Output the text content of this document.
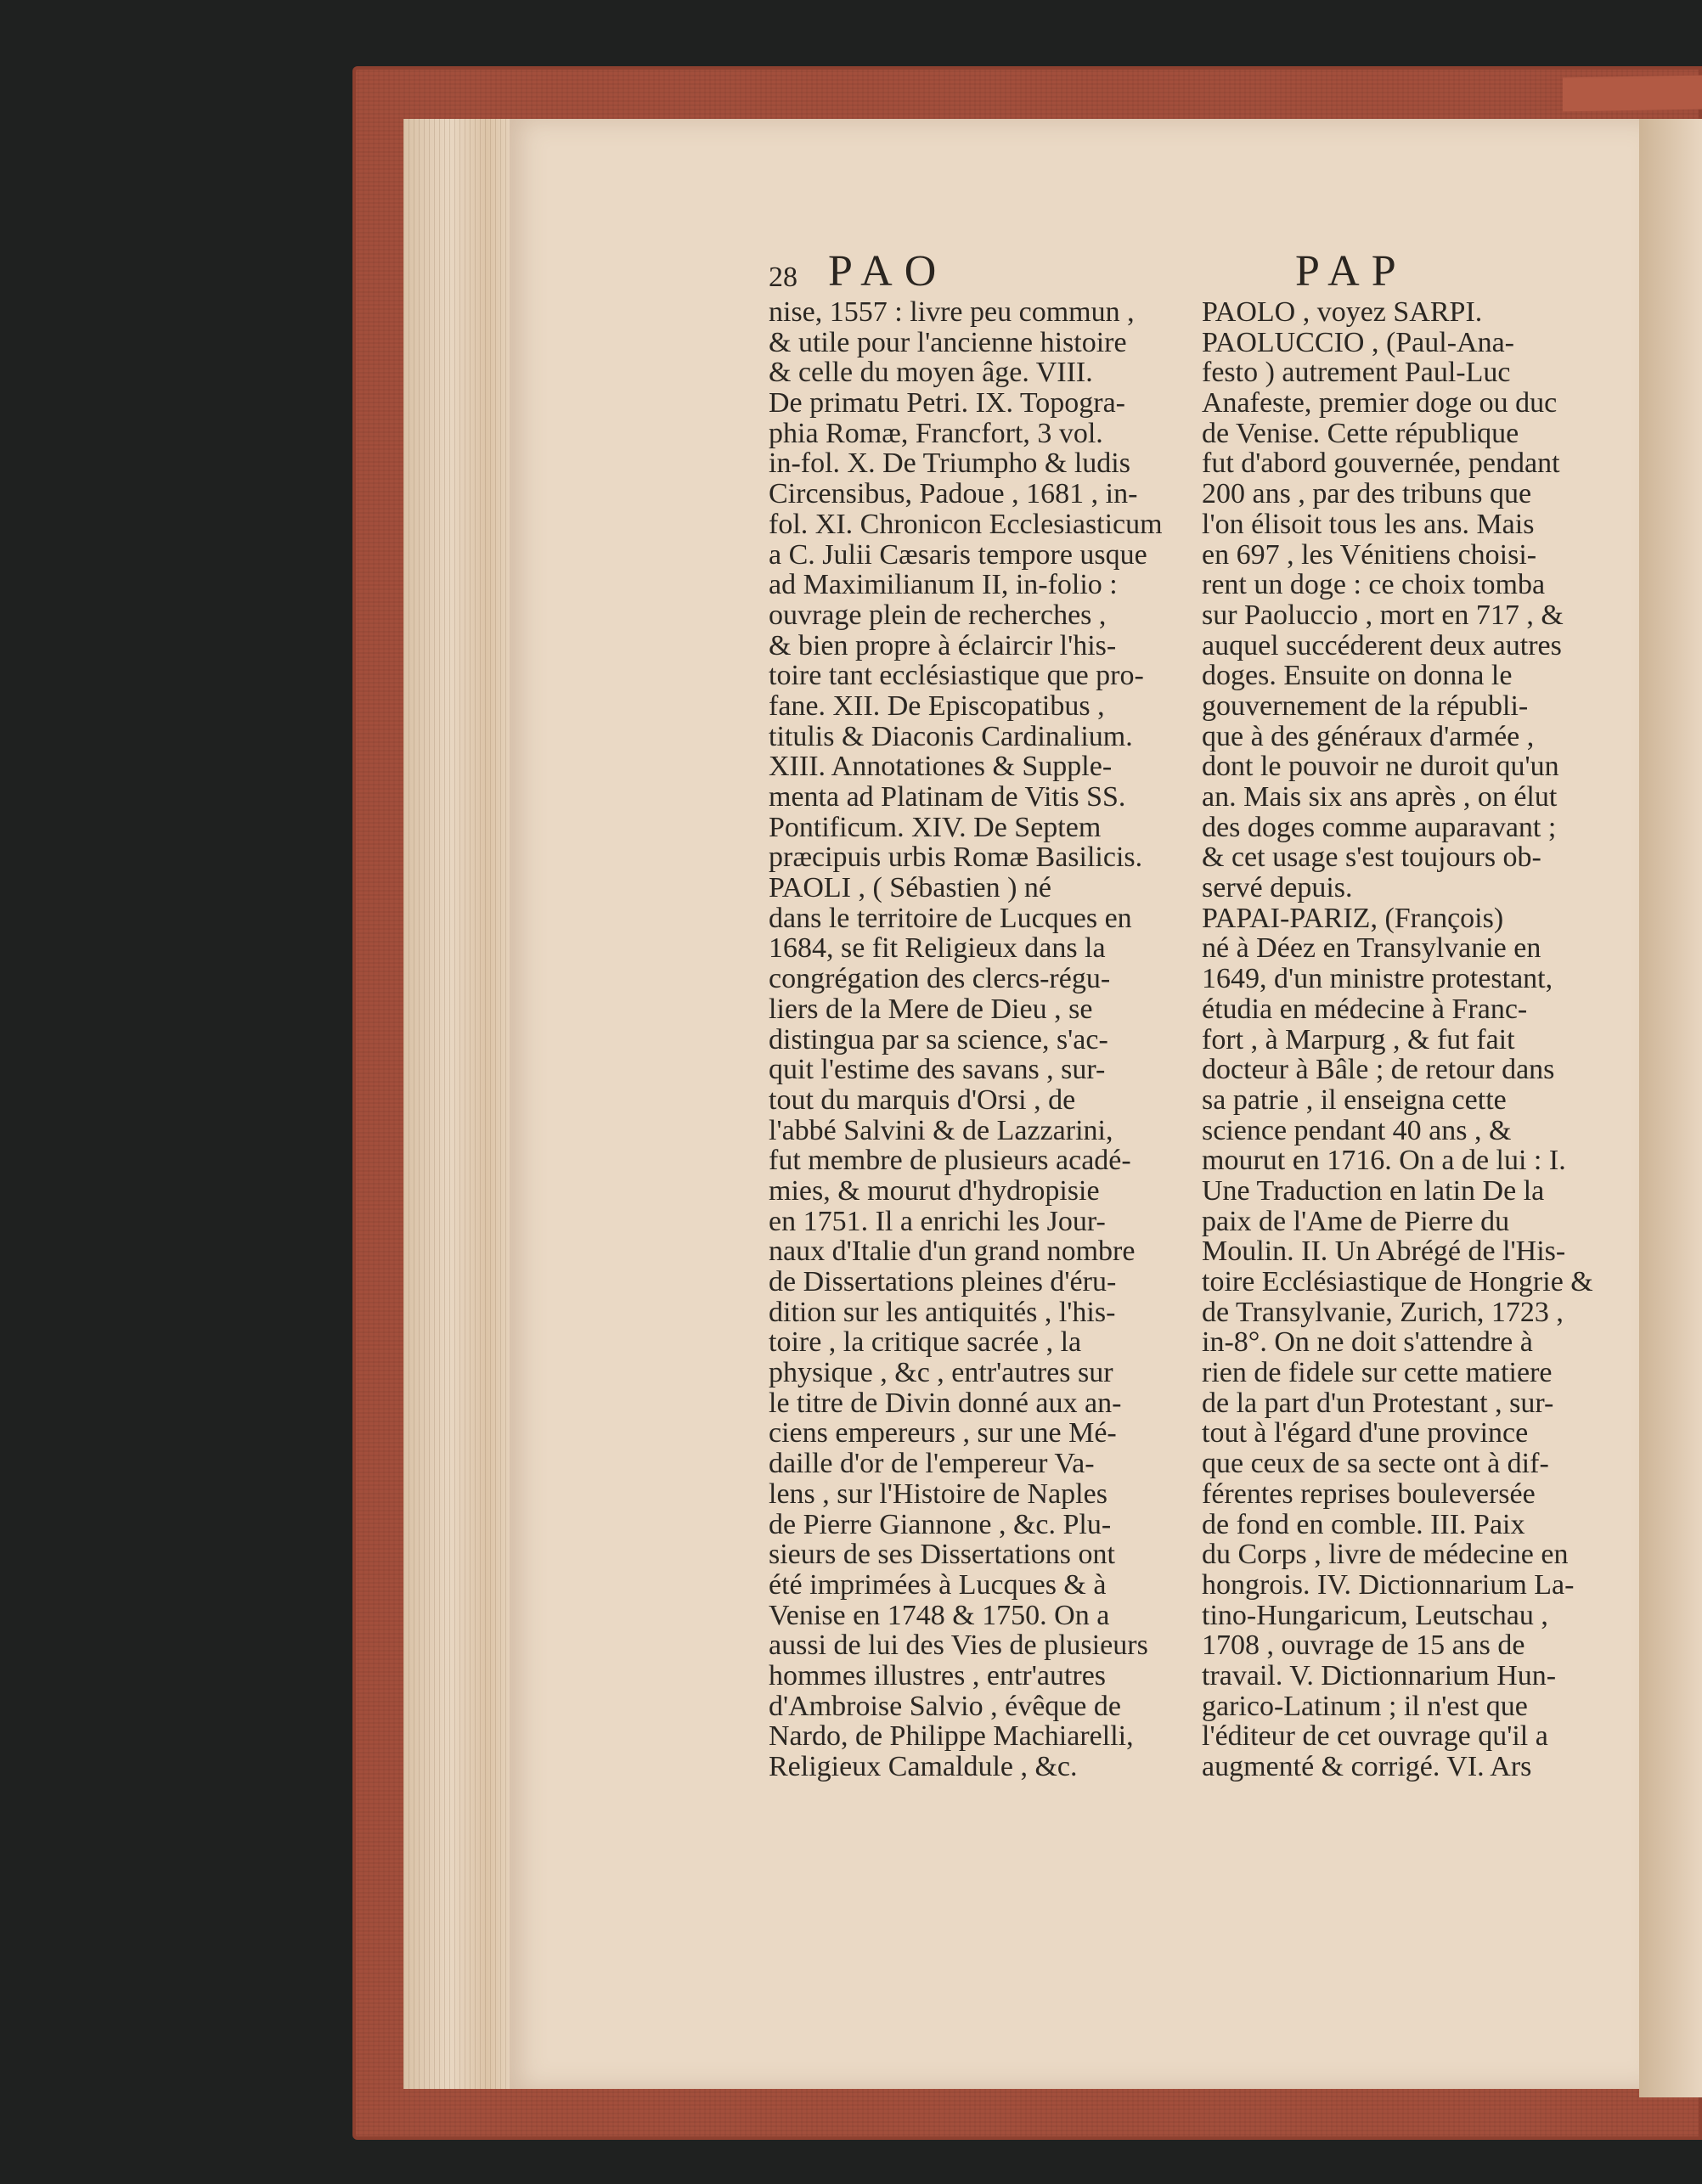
28 PAO	PAP
nise, 1557 : livre peu commun ,
& utile pour l'ancienne histoire
& celle du moyen âge. VIII.
De primatu Petri. IX. Topogra-
phia Romæ, Francfort, 3 vol.
in-fol. X. De Triumpho & ludis
Circensibus, Padoue , 1681 , in-
fol. XI. Chronicon Ecclesiasticum
a C. Julii Cæsaris tempore usque
ad Maximilianum II, in-folio :
ouvrage plein de recherches ,
& bien propre à éclaircir l'his-
toire tant ecclésiastique que pro-
fane. XII. De Episcopatibus ,
titulis & Diaconis Cardinalium.
XIII. Annotationes & Supple-
menta ad Platinam de Vitis SS.
Pontificum. XIV. De Septem
præcipuis urbis Romæ Basilicis.
PAOLI , ( Sébastien ) né
dans le territoire de Lucques en
1684, se fit Religieux dans la
congrégation des clercs-régu-
liers de la Mere de Dieu , se
distingua par sa science, s'ac-
quit l'estime des savans , sur-
tout du marquis d'Orsi , de
l'abbé Salvini & de Lazzarini,
fut membre de plusieurs acadé-
mies, & mourut d'hydropisie
en 1751. Il a enrichi les Jour-
naux d'Italie d'un grand nombre
de Dissertations pleines d'éru-
dition sur les antiquités , l'his-
toire , la critique sacrée , la
physique , &c , entr'autres sur
le titre de Divin donné aux an-
ciens empereurs , sur une Mé-
daille d'or de l'empereur Va-
lens , sur l'Histoire de Naples
de Pierre Giannone , &c. Plu-
sieurs de ses Dissertations ont
été imprimées à Lucques & à
Venise en 1748 & 1750. On a
aussi de lui des Vies de plusieurs
hommes illustres , entr'autres
d'Ambroise Salvio , évêque de
Nardo, de Philippe Machiarelli,
Religieux Camaldule , &c.
PAOLO , voyez SARPI.
PAOLUCCIO , (Paul-Ana-
festo ) autrement Paul-Luc
Anafeste, premier doge ou duc
de Venise. Cette république
fut d'abord gouvernée, pendant
200 ans , par des tribuns que
l'on élisoit tous les ans. Mais
en 697 , les Vénitiens choisi-
rent un doge : ce choix tomba
sur Paoluccio , mort en 717 , &
auquel succéderent deux autres
doges. Ensuite on donna le
gouvernement de la républi-
que à des généraux d'armée ,
dont le pouvoir ne duroit qu'un
an. Mais six ans après , on élut
des doges comme auparavant ;
& cet usage s'est toujours ob-
servé depuis.
PAPAI-PARIZ, (François)
né à Déez en Transylvanie en
1649, d'un ministre protestant,
étudia en médecine à Franc-
fort , à Marpurg , & fut fait
docteur à Bâle ; de retour dans
sa patrie , il enseigna cette
science pendant 40 ans , &
mourut en 1716. On a de lui : I.
Une Traduction en latin De la
paix de l'Ame de Pierre du
Moulin. II. Un Abrégé de l'His-
toire Ecclésiastique de Hongrie &
de Transylvanie, Zurich, 1723 ,
in-8°. On ne doit s'attendre à
rien de fidele sur cette matiere
de la part d'un Protestant , sur-
tout à l'égard d'une province
que ceux de sa secte ont à dif-
férentes reprises bouleversée
de fond en comble. III. Paix
du Corps , livre de médecine en
hongrois. IV. Dictionnarium La-
tino-Hungaricum, Leutschau ,
1708 , ouvrage de 15 ans de
travail. V. Dictionnarium Hun-
garico-Latinum ; il n'est que
l'éditeur de cet ouvrage qu'il a
augmenté & corrigé. VI. Ars
